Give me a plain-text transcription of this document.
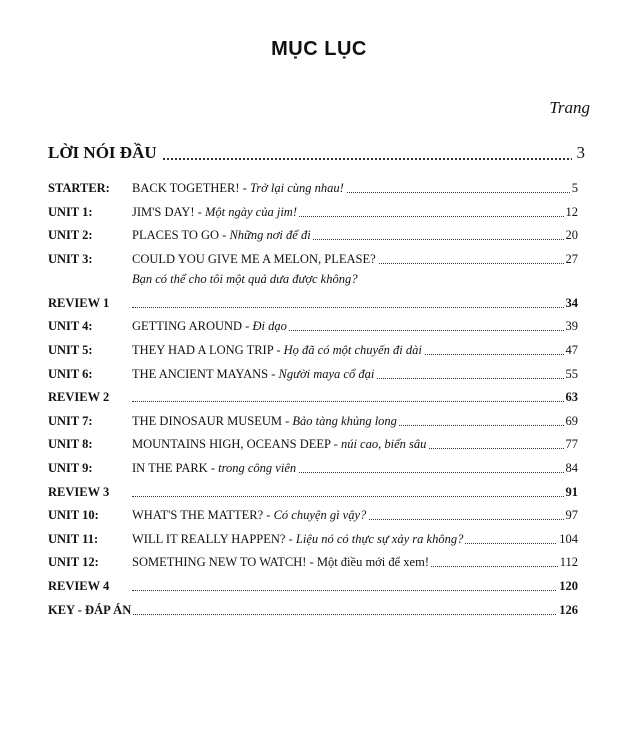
MỤC LỤC
Trang
LỜI NÓI ĐẦU	3
STARTER: BACK TOGETHER! - Trở lại cùng nhau!	5
UNIT 1:	JIM'S DAY! - Một ngày của jim!	12
UNIT 2:	PLACES TO GO - Những nơi để đi	20
UNIT 3:	COULD YOU GIVE ME A MELON, PLEASE?	27
Bạn có thể cho tôi một quả dưa được không?
REVIEW 1	34
UNIT 4:	GETTING AROUND - Đi dạo	39
UNIT 5:	THEY HAD A LONG TRIP - Họ đã có một chuyến đi dài	47
UNIT 6:	THE ANCIENT MAYANS - Người maya cổ đại	55
REVIEW 2	63
UNIT 7:	THE DINOSAUR MUSEUM - Bảo tàng khủng long	69
UNIT 8:	MOUNTAINS HIGH, OCEANS DEEP - núi cao, biển sâu	77
UNIT 9:	IN THE PARK - trong công viên	84
REVIEW 3	91
UNIT 10:	WHAT'S THE MATTER? - Có chuyện gì vậy?	97
UNIT 11:	WILL IT REALLY HAPPEN? - Liệu nó có thực sự xảy ra không?	104
UNIT 12:	SOMETHING NEW TO WATCH! - Một điều mới để xem!	112
REVIEW 4	120
KEY - ĐÁP ÁN	126
